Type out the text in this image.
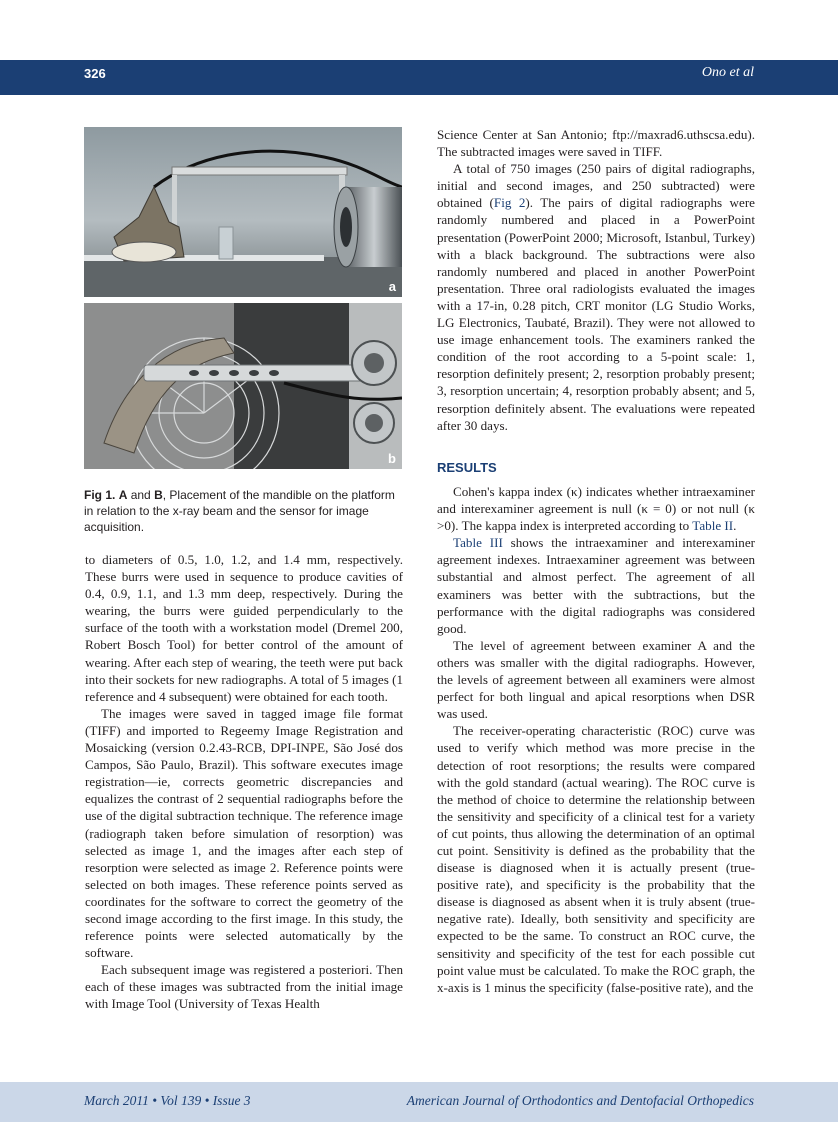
326	Ono et al
a
b
Fig 1. A and B, Placement of the mandible on the platform in relation to the x-ray beam and the sensor for image acquisition.

to diameters of 0.5, 1.0, 1.2, and 1.4 mm, respectively. These burrs were used in sequence to produce cavities of 0.4, 0.9, 1.1, and 1.3 mm deep, respectively. During the wearing, the burrs were guided perpendicularly to the surface of the tooth with a workstation model (Dremel 200, Robert Bosch Tool) for better control of the amount of wearing. After each step of wearing, the teeth were put back into their sockets for new radiographs. A total of 5 images (1 reference and 4 subsequent) were obtained for each tooth.

The images were saved in tagged image file format (TIFF) and imported to Regeemy Image Registration and Mosaicking (version 0.2.43-RCB, DPI-INPE, São José dos Campos, São Paulo, Brazil). This software executes image registration—ie, corrects geometric discrepancies and equalizes the contrast of 2 sequential radiographs before the use of the digital subtraction technique. The reference image (radiograph taken before simulation of resorption) was selected as image 1, and the images after each step of resorption were selected as image 2. Reference points were selected on both images. These reference points served as coordinates for the software to correct the geometry of the second image according to the first image. In this study, the reference points were selected automatically by the software.

Each subsequent image was registered a posteriori. Then each of these images was subtracted from the initial image with Image Tool (University of Texas Health

Science Center at San Antonio; ftp://maxrad6.uthscsa.edu). The subtracted images were saved in TIFF.

A total of 750 images (250 pairs of digital radiographs, initial and second images, and 250 subtracted) were obtained (Fig 2). The pairs of digital radiographs were randomly numbered and placed in a PowerPoint presentation (PowerPoint 2000; Microsoft, Istanbul, Turkey) with a black background. The subtractions were also randomly numbered and placed in another PowerPoint presentation. Three oral radiologists evaluated the images with a 17-in, 0.28 pitch, CRT monitor (LG Studio Works, LG Electronics, Taubaté, Brazil). They were not allowed to use image enhancement tools. The examiners ranked the condition of the root according to a 5-point scale: 1, resorption definitely present; 2, resorption probably present; 3, resorption uncertain; 4, resorption probably absent; and 5, resorption definitely absent. The evaluations were repeated after 30 days.

RESULTS

Cohen's kappa index (κ) indicates whether intraexaminer and interexaminer agreement is null (κ = 0) or not null (κ >0). The kappa index is interpreted according to Table II.

Table III shows the intraexaminer and interexaminer agreement indexes. Intraexaminer agreement was between substantial and almost perfect. The agreement of all examiners was better with the subtractions, but the performance with the digital radiographs was considered good.

The level of agreement between examiner A and the others was smaller with the digital radiographs. However, the levels of agreement between all examiners were almost perfect for both lingual and apical resorptions when DSR was used.

The receiver-operating characteristic (ROC) curve was used to verify which method was more precise in the detection of root resorptions; the results were compared with the gold standard (actual wearing). The ROC curve is the method of choice to determine the relationship between the sensitivity and specificity of a clinical test for a variety of cut points, thus allowing the determination of an optimal cut point. Sensitivity is defined as the probability that the disease is diagnosed when it is actually present (true-positive rate), and specificity is the probability that the disease is diagnosed as absent when it is truly absent (true-negative rate). Ideally, both sensitivity and specificity are expected to be the same. To construct an ROC curve, the sensitivity and specificity of the test for each possible cut point value must be calculated. To make the ROC graph, the x-axis is 1 minus the specificity (false-positive rate), and the

March 2011 • Vol 139 • Issue 3	American Journal of Orthodontics and Dentofacial Orthopedics
